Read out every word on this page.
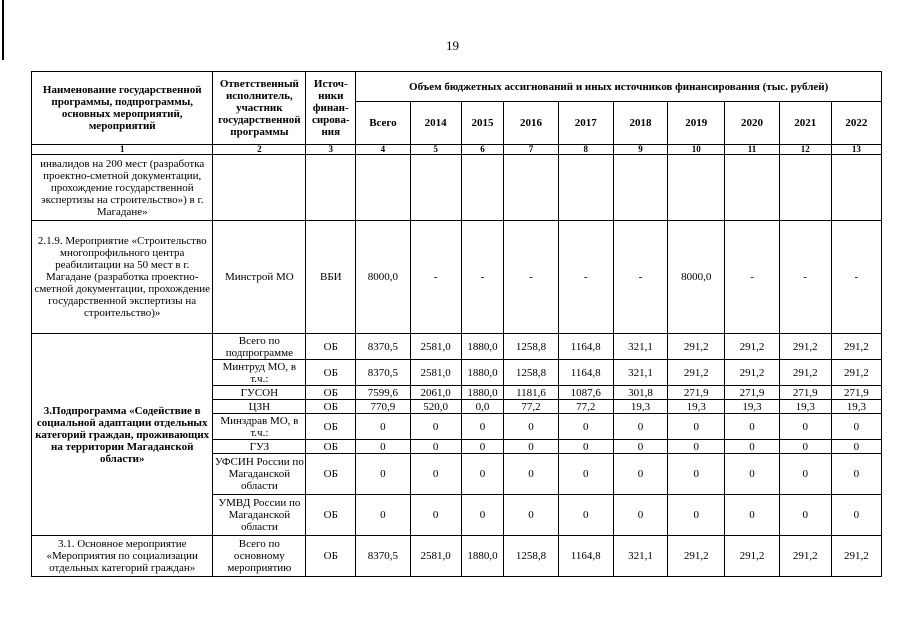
19
Наименование государственной программы, подпрограммы, основных мероприятий, мероприятий	Ответственный исполнитель, участник государственной программы	Источ-ники финан-сирова-ния	Объем бюджетных ассигнований и иных источников финансирования (тыс. рублей)									
			Всего	2014	2015	2016	2017	2018	2019	2020	2021	2022
1	2	3	4	5	6	7	8	9	10	11	12	13
инвалидов на 200 мест (разработка проектно-сметной документации, прохождение государственной экспертизы на строительство») в г. Магадане»												
2.1.9. Мероприятие «Строительство многопрофильного центра реабилитации на 50 мест в г. Магадане (разработка проектно-сметной документации, прохождение государственной экспертизы на строительство)»	Минстрой МО	ВБИ	8000,0	-	-	-	-	-	8000,0	-	-	-
3.Подпрограмма «Содействие в социальной адаптации отдельных категорий граждан, проживающих на территории Магаданской области»	Всего по подпрограмме	ОБ	8370,5	2581,0	1880,0	1258,8	1164,8	321,1	291,2	291,2	291,2	291,2
	Минтруд МО, в т.ч.:	ОБ	8370,5	2581,0	1880,0	1258,8	1164,8	321,1	291,2	291,2	291,2	291,2
	ГУСОН	ОБ	7599,6	2061,0	1880,0	1181,6	1087,6	301,8	271,9	271,9	271,9	271,9
	ЦЗН	ОБ	770,9	520,0	0,0	77,2	77,2	19,3	19,3	19,3	19,3	19,3
	Минздрав МО, в т.ч.:	ОБ	0	0	0	0	0	0	0	0	0	0
	ГУЗ	ОБ	0	0	0	0	0	0	0	0	0	0
	УФСИН России по Магаданской области	ОБ	0	0	0	0	0	0	0	0	0	0
	УМВД России по Магаданской области	ОБ	0	0	0	0	0	0	0	0	0	0
3.1. Основное мероприятие «Мероприятия по социализации отдельных категорий граждан»	Всего по основному мероприятию	ОБ	8370,5	2581,0	1880,0	1258,8	1164,8	321,1	291,2	291,2	291,2	291,2
